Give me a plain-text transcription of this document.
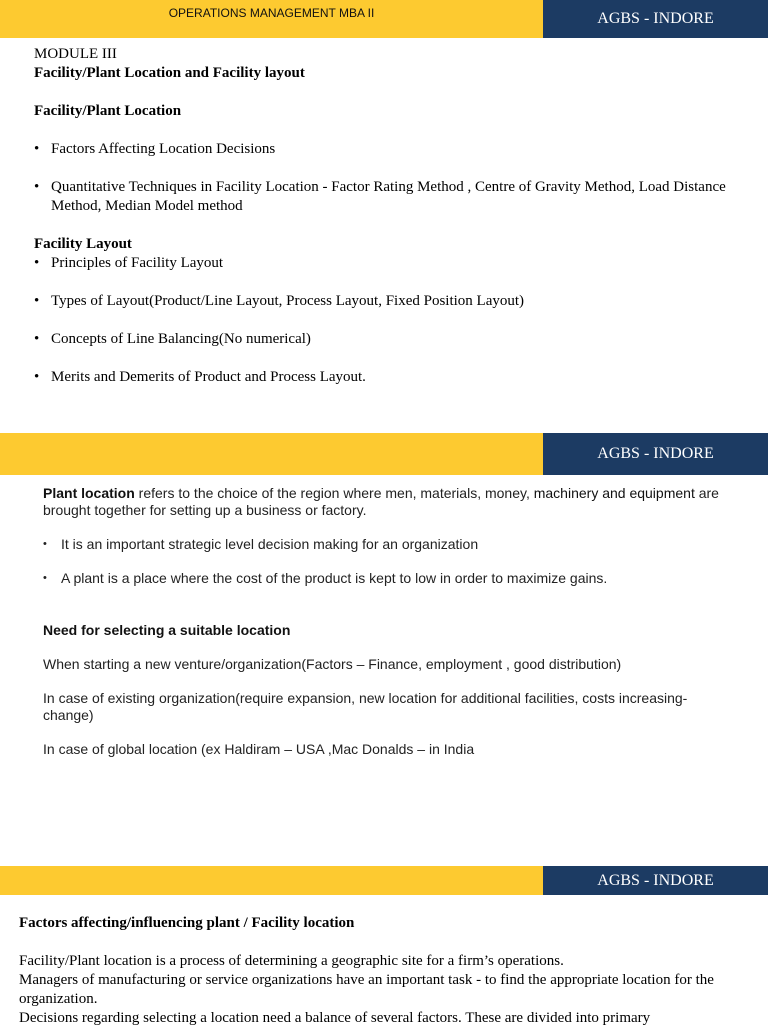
OPERATIONS MANAGEMENT MBA II	AGBS - INDORE

MODULE III

Facility/Plant Location and Facility layout

Facility/Plant Location

• Factors Affecting Location Decisions
• Quantitative Techniques in Facility Location - Factor Rating Method , Centre of Gravity Method, Load Distance Method, Median Model method

Facility Layout

• Principles of Facility Layout
• Types of Layout(Product/Line Layout, Process Layout, Fixed Position Layout)
• Concepts of Line Balancing(No numerical)
• Merits and Demerits of Product and Process Layout.
AGBS - INDORE

Plant location refers to the choice of the region where men, materials, money, machinery and equipment are brought together for setting up a business or factory.

• It is an important strategic level decision making for an organization
• A plant is a place where the cost of the product is kept to low in order to maximize gains.

Need for selecting a suitable location

When starting a new venture/organization(Factors – Finance, employment , good distribution)

In case of existing organization(require expansion, new location for additional facilities, costs increasing-change)

In case of global location (ex Haldiram – USA ,Mac Donalds – in India

AGBS - INDORE

Factors affecting/influencing plant / Facility location

Facility/Plant location is a process of determining a geographic site for a firm’s operations.

Managers of manufacturing or service organizations have an important task - to find the appropriate location for the organization.

Decisions regarding selecting a location need a balance of several factors. These are divided into primary
